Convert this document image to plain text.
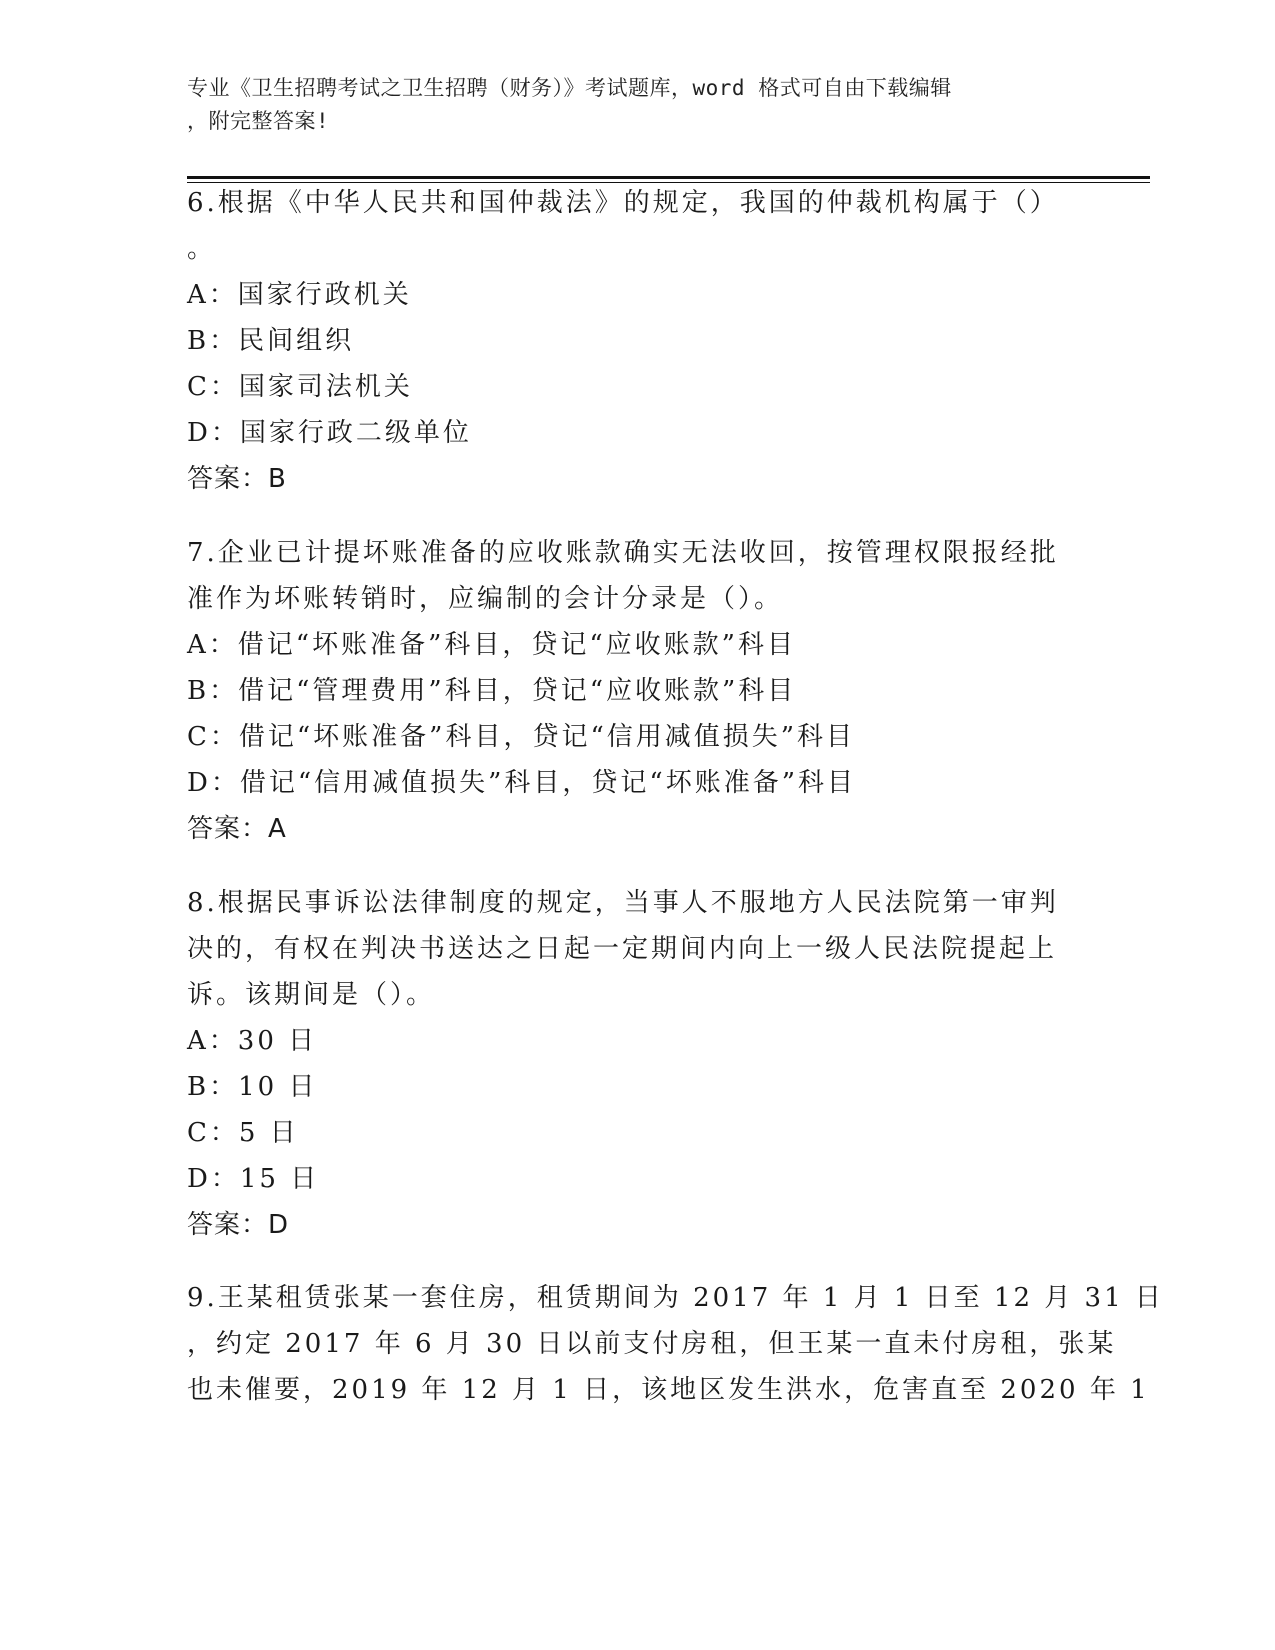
专业《卫生招聘考试之卫生招聘（财务）》考试题库，word 格式可自由下载编辑
，附完整答案!
6.根据《中华人民共和国仲裁法》的规定，我国的仲裁机构属于（）
。
A：国家行政机关
B：民间组织
C：国家司法机关
D：国家行政二级单位
答案：B
7.企业已计提坏账准备的应收账款确实无法收回，按管理权限报经批
准作为坏账转销时，应编制的会计分录是（）。
A：借记“坏账准备”科目，贷记“应收账款”科目
B：借记“管理费用”科目，贷记“应收账款”科目
C：借记“坏账准备”科目，贷记“信用减值损失”科目
D：借记“信用减值损失”科目，贷记“坏账准备”科目
答案：A
8.根据民事诉讼法律制度的规定，当事人不服地方人民法院第一审判
决的，有权在判决书送达之日起一定期间内向上一级人民法院提起上
诉。该期间是（）。
A：30 日
B：10 日
C：5 日
D：15 日
答案：D
9.王某租赁张某一套住房，租赁期间为 2017 年 1 月 1 日至 12 月 31 日
，约定 2017 年 6 月 30 日以前支付房租，但王某一直未付房租，张某
也未催要，2019 年 12 月 1 日，该地区发生洪水，危害直至 2020 年 1
